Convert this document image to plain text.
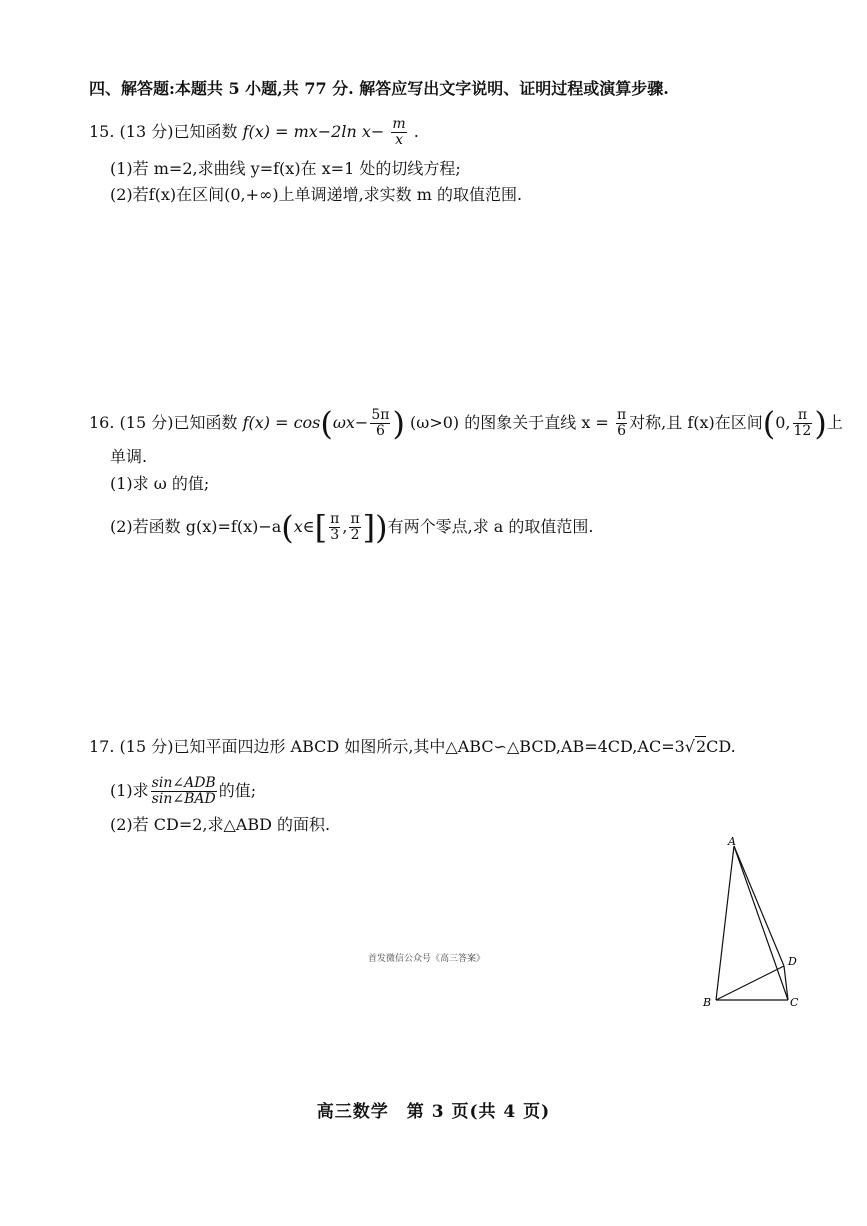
四、解答题:本题共 5 小题,共 77 分. 解答应写出文字说明、证明过程或演算步骤.
15. (13 分)已知函数 f(x) = mx−2ln $x- \frac{m}{x}$ .
(1)若 m=2,求曲线 y=f(x)在 x=1 处的切线方程;
(2)若f(x)在区间(0,+∞)上单调递增,求实数 m 的取值范围.
16. (15 分)已知函数 $f(x) = \cos(\omega x- \frac{5\pi}{6}$ ) (ω>0) 的图象关于直线 $x = \frac{\pi}{6}$ 对称,且 f(x)在区间(0, $\frac{\pi}{12}$ )上
单调.
(1)求 ω 的值;
(2)若函数 g(x)=f(x)−a(x∈[ $\frac{\pi}{3}$ , $\frac{\pi}{2}$ ])有两个零点,求 a 的取值范围.
17. (15 分)已知平面四边形 ABCD 如图所示,其中△ABC∽△BCD,AB=4CD,AC=3√2CD.
(1)求 $\frac{\text{sin∠ADB}}{\text{sin∠BAD}}$ 的值;
(2)若 CD=2,求△ABD 的面积.
A
B	C
D
首发微信公众号《高三答案》
高三数学　第 3 页(共 4 页)
